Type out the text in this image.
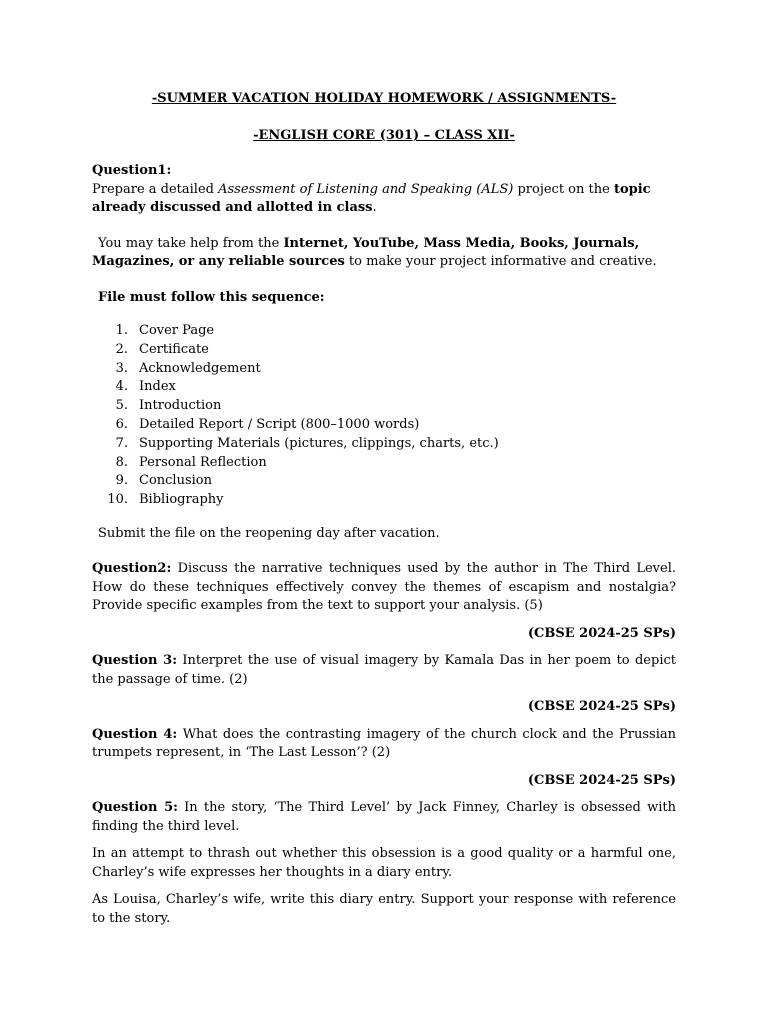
-SUMMER VACATION HOLIDAY HOMEWORK / ASSIGNMENTS-

-ENGLISH CORE (301) – CLASS XII-

Question1:

Prepare a detailed Assessment of Listening and Speaking (ALS) project on the topic
already discussed and allotted in class.

You may take help from the Internet, YouTube, Mass Media, Books, Journals,

Magazines, or any reliable sources to make your project informative and creative.

File must follow this sequence:

1. Cover Page
2. Certificate
3. Acknowledgement
4. Index
5. Introduction
6. Detailed Report / Script (800–1000 words)
7. Supporting Materials (pictures, clippings, charts, etc.)
8. Personal Reflection
9. Conclusion
10. Bibliography

Submit the file on the reopening day after vacation.

Question2: Discuss the narrative techniques used by the author in The Third Level. How do these techniques effectively convey the themes of escapism and nostalgia? Provide specific examples from the text to support your analysis. (5)

(CBSE 2024-25 SPs)

Question 3: Interpret the use of visual imagery by Kamala Das in her poem to depict the passage of time. (2)

(CBSE 2024-25 SPs)

Question 4: What does the contrasting imagery of the church clock and the Prussian trumpets represent, in ‘The Last Lesson’? (2)

(CBSE 2024-25 SPs)

Question 5: In the story, ‘The Third Level’ by Jack Finney, Charley is obsessed with finding the third level.

In an attempt to thrash out whether this obsession is a good quality or a harmful one, Charley’s wife expresses her thoughts in a diary entry.

As Louisa, Charley’s wife, write this diary entry. Support your response with reference to the story.
